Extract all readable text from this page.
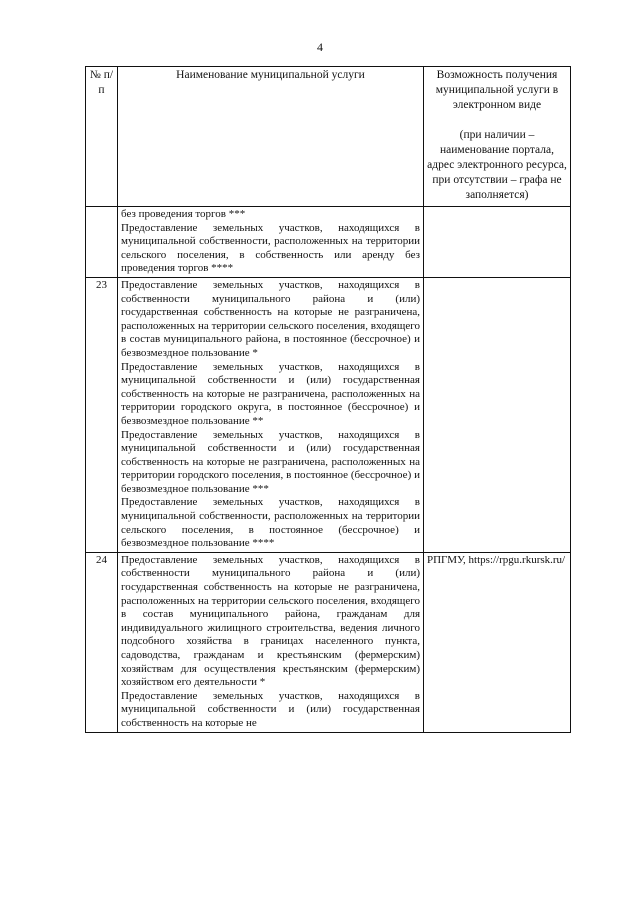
4
№ п/п	Наименование муниципальной услуги	Возможность получения муниципальной услуги в электронном виде
(при наличии – наименование портала, адрес электронного ресурса, при отсутствии – графа не заполняется)

	без проведения торгов ***
Предоставление земельных участков, находящихся в муниципальной собственности, расположенных на территории сельского поселения, в собственность или аренду без проведения торгов ****	

23	Предоставление земельных участков, находящихся в собственности муниципального района и (или) государственная собственность на которые не разграничена, расположенных на территории сельского поселения, входящего в состав муниципального района, в постоянное (бессрочное) и безвозмездное пользование *
Предоставление земельных участков, находящихся в муниципальной собственности и (или) государственная собственность на которые не разграничена, расположенных на территории городского округа, в постоянное (бессрочное) и безвозмездное пользование **
Предоставление земельных участков, находящихся в муниципальной собственности и (или) государственная собственность на которые не разграничена, расположенных на территории городского поселения, в постоянное (бессрочное) и безвозмездное пользование ***
Предоставление земельных участков, находящихся в муниципальной собственности, расположенных на территории сельского поселения, в постоянное (бессрочное) и безвозмездное пользование ****	

24	Предоставление земельных участков, находящихся в собственности муниципального района и (или) государственная собственность на которые не разграничена, расположенных на территории сельского поселения, входящего в состав муниципального района, гражданам для индивидуального жилищного строительства, ведения личного подсобного хозяйства в границах населенного пункта, садоводства, гражданам и крестьянским (фермерским) хозяйствам для осуществления крестьянским (фермерским) хозяйством его деятельности *
Предоставление земельных участков, находящихся в муниципальной собственности и (или) государственная собственность на которые не	РПГМУ, https://rpgu.rkursk.ru/
